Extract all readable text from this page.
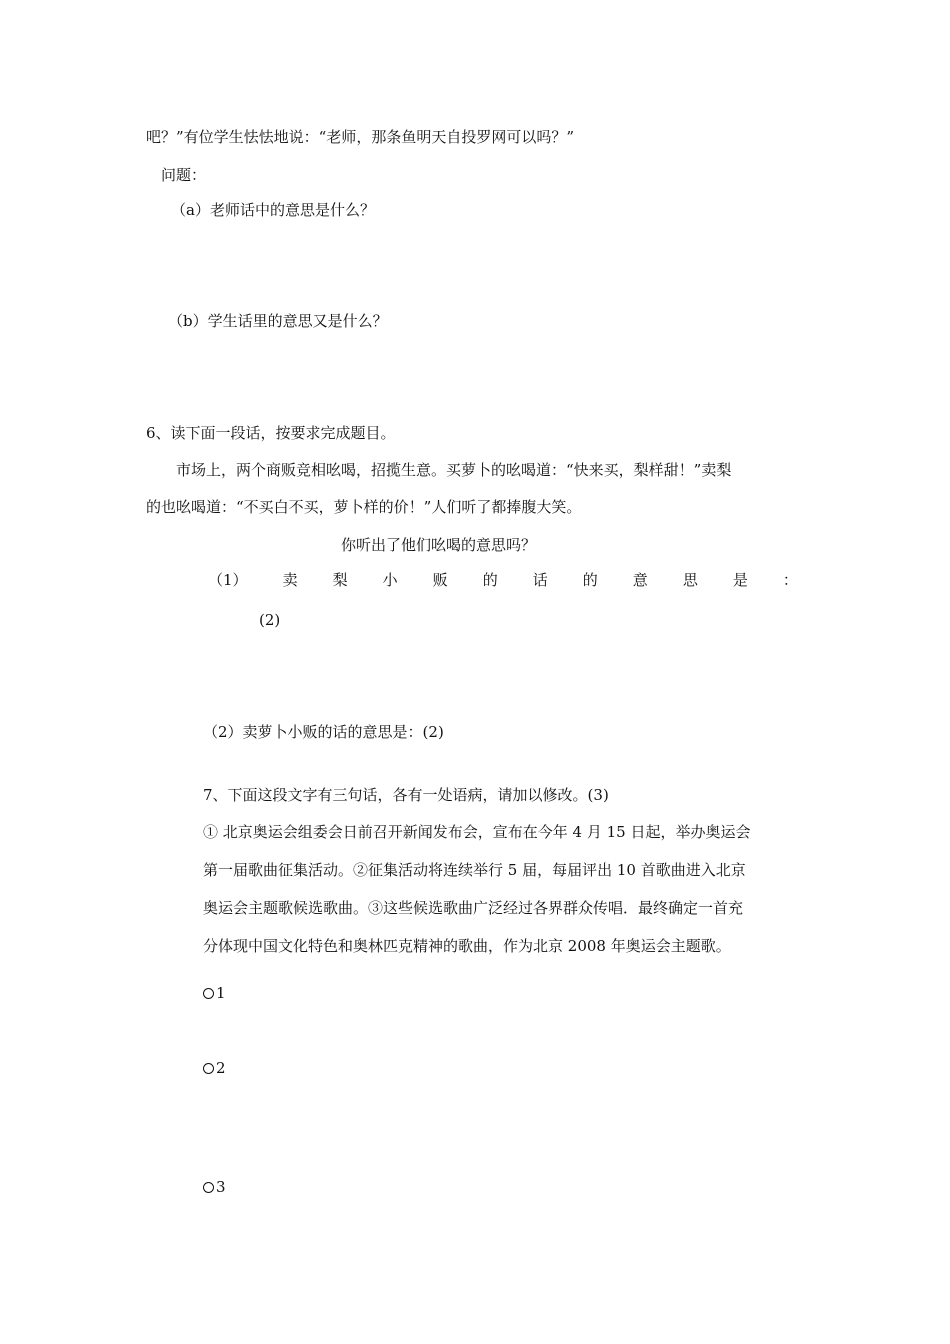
吧？”有位学生怯怯地说：“老师，那条鱼明天自投罗网可以吗？”
问题：
（a）老师话中的意思是什么？
（b）学生话里的意思又是什么？
6、读下面一段话，按要求完成题目。
市场上，两个商贩竞相吆喝，招揽生意。买萝卜的吆喝道：“快来买，梨样甜！”卖梨
的也吆喝道：“不买白不买，萝卜样的价！”人们听了都捧腹大笑。
你听出了他们吆喝的意思吗？
（1） 卖 梨 小 贩 的 话 的 意 思 是 ：
(2)
（2）卖萝卜小贩的话的意思是：(2)
7、下面这段文字有三句话，各有一处语病，请加以修改。(3)
① 北京奥运会组委会日前召开新闻发布会，宣布在今年 4 月 15 日起，举办奥运会
第一届歌曲征集活动。②征集活动将连续举行 5 届，每届评出 10 首歌曲进入北京
奥运会主题歌候选歌曲。③这些候选歌曲广泛经过各界群众传唱．最终确定一首充
分体现中国文化特色和奥林匹克精神的歌曲，作为北京 2008 年奥运会主题歌。
1
2
3
